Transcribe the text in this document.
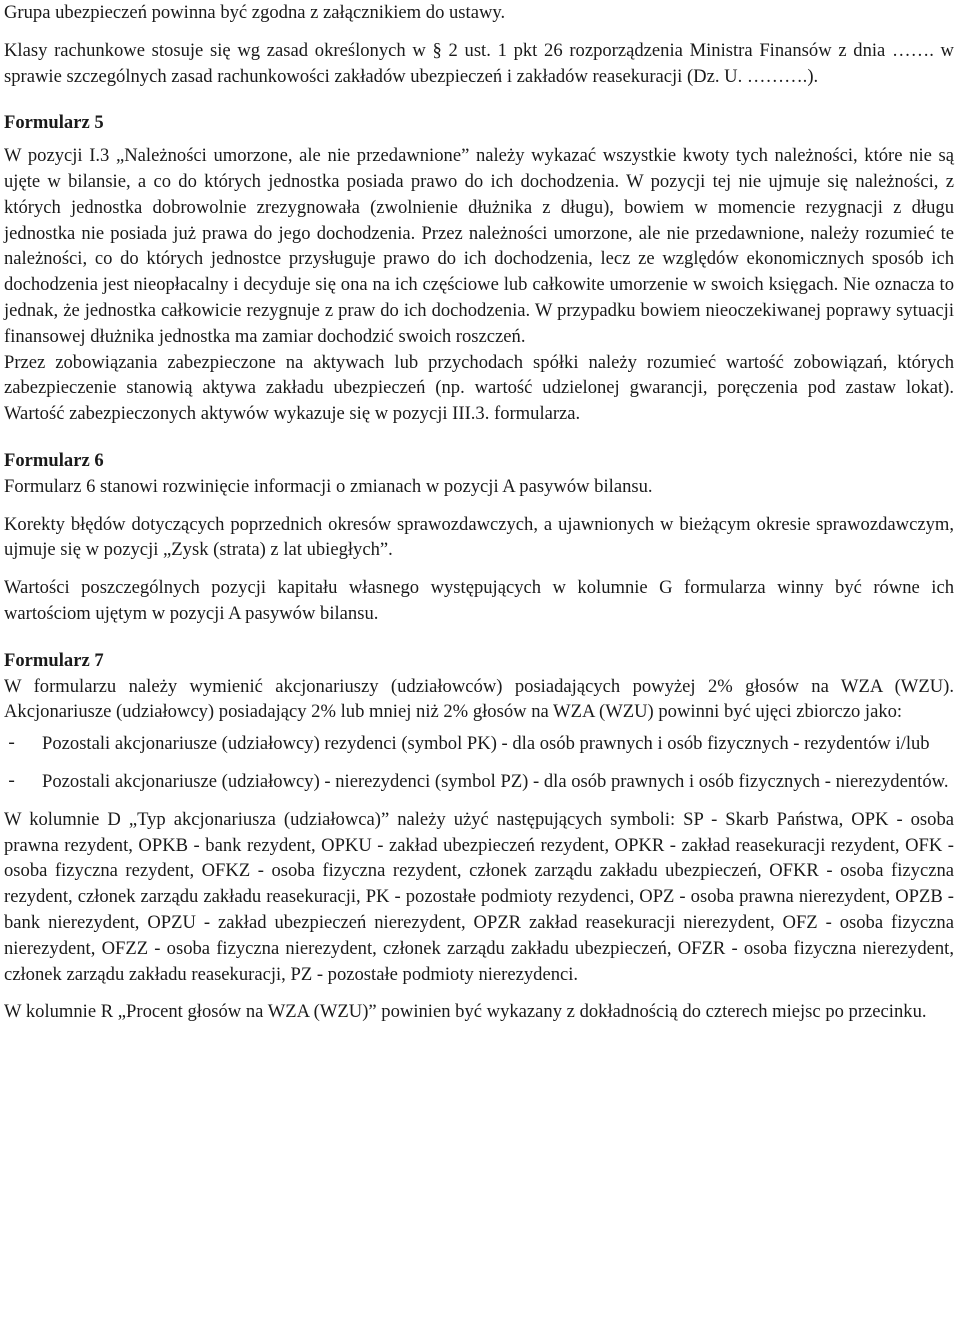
Grupa ubezpieczeń powinna być zgodna z załącznikiem do ustawy.

Klasy rachunkowe stosuje się wg zasad określonych w § 2 ust. 1 pkt 26 rozporządzenia Ministra Finansów z dnia ……. w sprawie szczególnych zasad rachunkowości zakładów ubezpieczeń i zakładów reasekuracji (Dz. U. ……….).

Formularz 5

W pozycji I.3 „Należności umorzone, ale nie przedawnione” należy wykazać wszystkie kwoty tych należności, które nie są ujęte w bilansie, a co do których jednostka posiada prawo do ich dochodzenia. W pozycji tej nie ujmuje się należności, z których jednostka dobrowolnie zrezygnowała (zwolnienie dłużnika z długu), bowiem w momencie rezygnacji z długu jednostka nie posiada już prawa do jego dochodzenia. Przez należności umorzone, ale nie przedawnione, należy rozumieć te należności, co do których jednostce przysługuje prawo do ich dochodzenia, lecz ze względów ekonomicznych sposób ich dochodzenia jest nieopłacalny i decyduje się ona na ich częściowe lub całkowite umorzenie w swoich księgach. Nie oznacza to jednak, że jednostka całkowicie rezygnuje z praw do ich dochodzenia. W przypadku bowiem nieoczekiwanej poprawy sytuacji finansowej dłużnika jednostka ma zamiar dochodzić swoich roszczeń.

Przez zobowiązania zabezpieczone na aktywach lub przychodach spółki należy rozumieć wartość zobowiązań, których zabezpieczenie stanowią aktywa zakładu ubezpieczeń (np. wartość udzielonej gwarancji, poręczenia pod zastaw lokat). Wartość zabezpieczonych aktywów wykazuje się w pozycji III.3. formularza.

Formularz 6

Formularz 6 stanowi rozwinięcie informacji o zmianach w pozycji A pasywów bilansu.

Korekty błędów dotyczących poprzednich okresów sprawozdawczych, a ujawnionych w bieżącym okresie sprawozdawczym, ujmuje się w pozycji „Zysk (strata) z lat ubiegłych”.

Wartości poszczególnych pozycji kapitału własnego występujących w kolumnie G formularza winny być równe ich wartościom ujętym w pozycji A pasywów bilansu.

Formularz 7

W formularzu należy wymienić akcjonariuszy (udziałowców) posiadających powyżej 2% głosów na WZA (WZU). Akcjonariusze (udziałowcy) posiadający 2% lub mniej niż 2% głosów na WZA (WZU) powinni być ujęci zbiorczo jako:

- Pozostali akcjonariusze (udziałowcy) rezydenci (symbol PK) - dla osób prawnych i osób fizycznych - rezydentów i/lub
- Pozostali akcjonariusze (udziałowcy) - nierezydenci (symbol PZ) - dla osób prawnych i osób fizycznych - nierezydentów.

W kolumnie D „Typ akcjonariusza (udziałowca)” należy użyć następujących symboli: SP - Skarb Państwa, OPK - osoba prawna rezydent, OPKB - bank rezydent, OPKU - zakład ubezpieczeń rezydent, OPKR - zakład reasekuracji rezydent, OFK - osoba fizyczna rezydent, OFKZ - osoba fizyczna rezydent, członek zarządu zakładu ubezpieczeń, OFKR - osoba fizyczna rezydent, członek zarządu zakładu reasekuracji, PK - pozostałe podmioty rezydenci, OPZ - osoba prawna nierezydent, OPZB - bank nierezydent, OPZU - zakład ubezpieczeń nierezydent, OPZR zakład reasekuracji nierezydent, OFZ - osoba fizyczna nierezydent, OFZZ - osoba fizyczna nierezydent, członek zarządu zakładu ubezpieczeń, OFZR - osoba fizyczna nierezydent, członek zarządu zakładu reasekuracji, PZ - pozostałe podmioty nierezydenci.

W kolumnie R „Procent głosów na WZA (WZU)” powinien być wykazany z dokładnością do czterech miejsc po przecinku.
